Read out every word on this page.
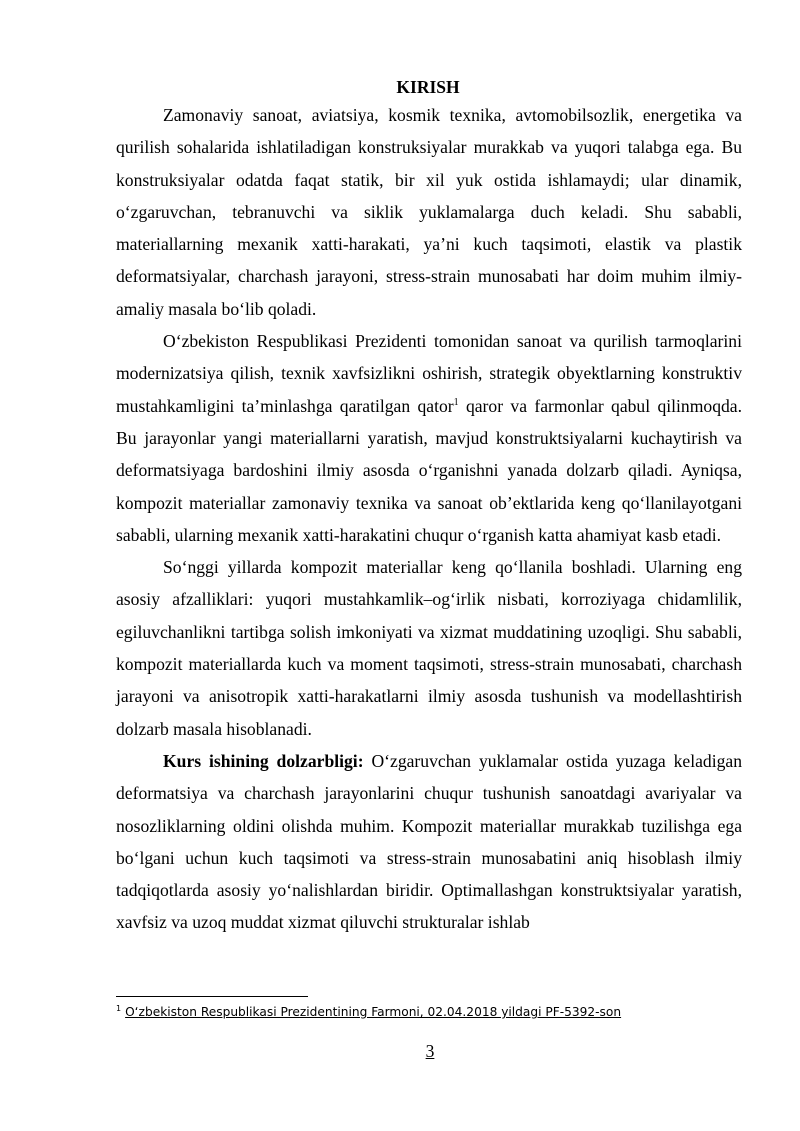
KIRISH

Zamonaviy sanoat, aviatsiya, kosmik texnika, avtomobilsozlik, energetika va qurilish sohalarida ishlatiladigan konstruksiyalar murakkab va yuqori talabga ega. Bu konstruksiyalar odatda faqat statik, bir xil yuk ostida ishlamaydi; ular dinamik, o‘zgaruvchan, tebranuvchi va siklik yuklamalarga duch keladi. Shu sababli, materiallarning mexanik xatti-harakati, ya’ni kuch taqsimoti, elastik va plastik deformatsiyalar, charchash jarayoni, stress-strain munosabati har doim muhim ilmiy-amaliy masala bo‘lib qoladi.

O‘zbekiston Respublikasi Prezidenti tomonidan sanoat va qurilish tarmoqlarini modernizatsiya qilish, texnik xavfsizlikni oshirish, strategik obyektlarning konstruktiv mustahkamligini ta’minlashga qaratilgan qator$^1$ qaror va farmonlar qabul qilinmoqda. Bu jarayonlar yangi materiallarni yaratish, mavjud konstruktsiyalarni kuchaytirish va deformatsiyaga bardoshini ilmiy asosda o‘rganishni yanada dolzarb qiladi. Ayniqsa, kompozit materiallar zamonaviy texnika va sanoat ob’ektlarida keng qo‘llanilayotgani sababli, ularning mexanik xatti-harakatini chuqur o‘rganish katta ahamiyat kasb etadi.

So‘nggi yillarda kompozit materiallar keng qo‘llanila boshladi. Ularning eng asosiy afzalliklari: yuqori mustahkamlik–og‘irlik nisbati, korroziyaga chidamlilik, egiluvchanlikni tartibga solish imkoniyati va xizmat muddatining uzoqligi. Shu sababli, kompozit materiallarda kuch va moment taqsimoti, stress-strain munosabati, charchash jarayoni va anisotropik xatti-harakatlarni ilmiy asosda tushunish va modellashtirish dolzarb masala hisoblanadi.

Kurs ishining dolzarbligi: O‘zgaruvchan yuklamalar ostida yuzaga keladigan deformatsiya va charchash jarayonlarini chuqur tushunish sanoatdagi avariyalar va nosozliklarning oldini olishda muhim. Kompozit materiallar murakkab tuzilishga ega bo‘lgani uchun kuch taqsimoti va stress-strain munosabatini aniq hisoblash ilmiy tadqiqotlarda asosiy yo‘nalishlardan biridir. Optimallashgan konstruktsiyalar yaratish, xavfsiz va uzoq muddat xizmat qiluvchi strukturalar ishlab

$^1$ O‘zbekiston Respublikasi Prezidentining Farmoni, 02.04.2018 yildagi PF-5392-son
3
